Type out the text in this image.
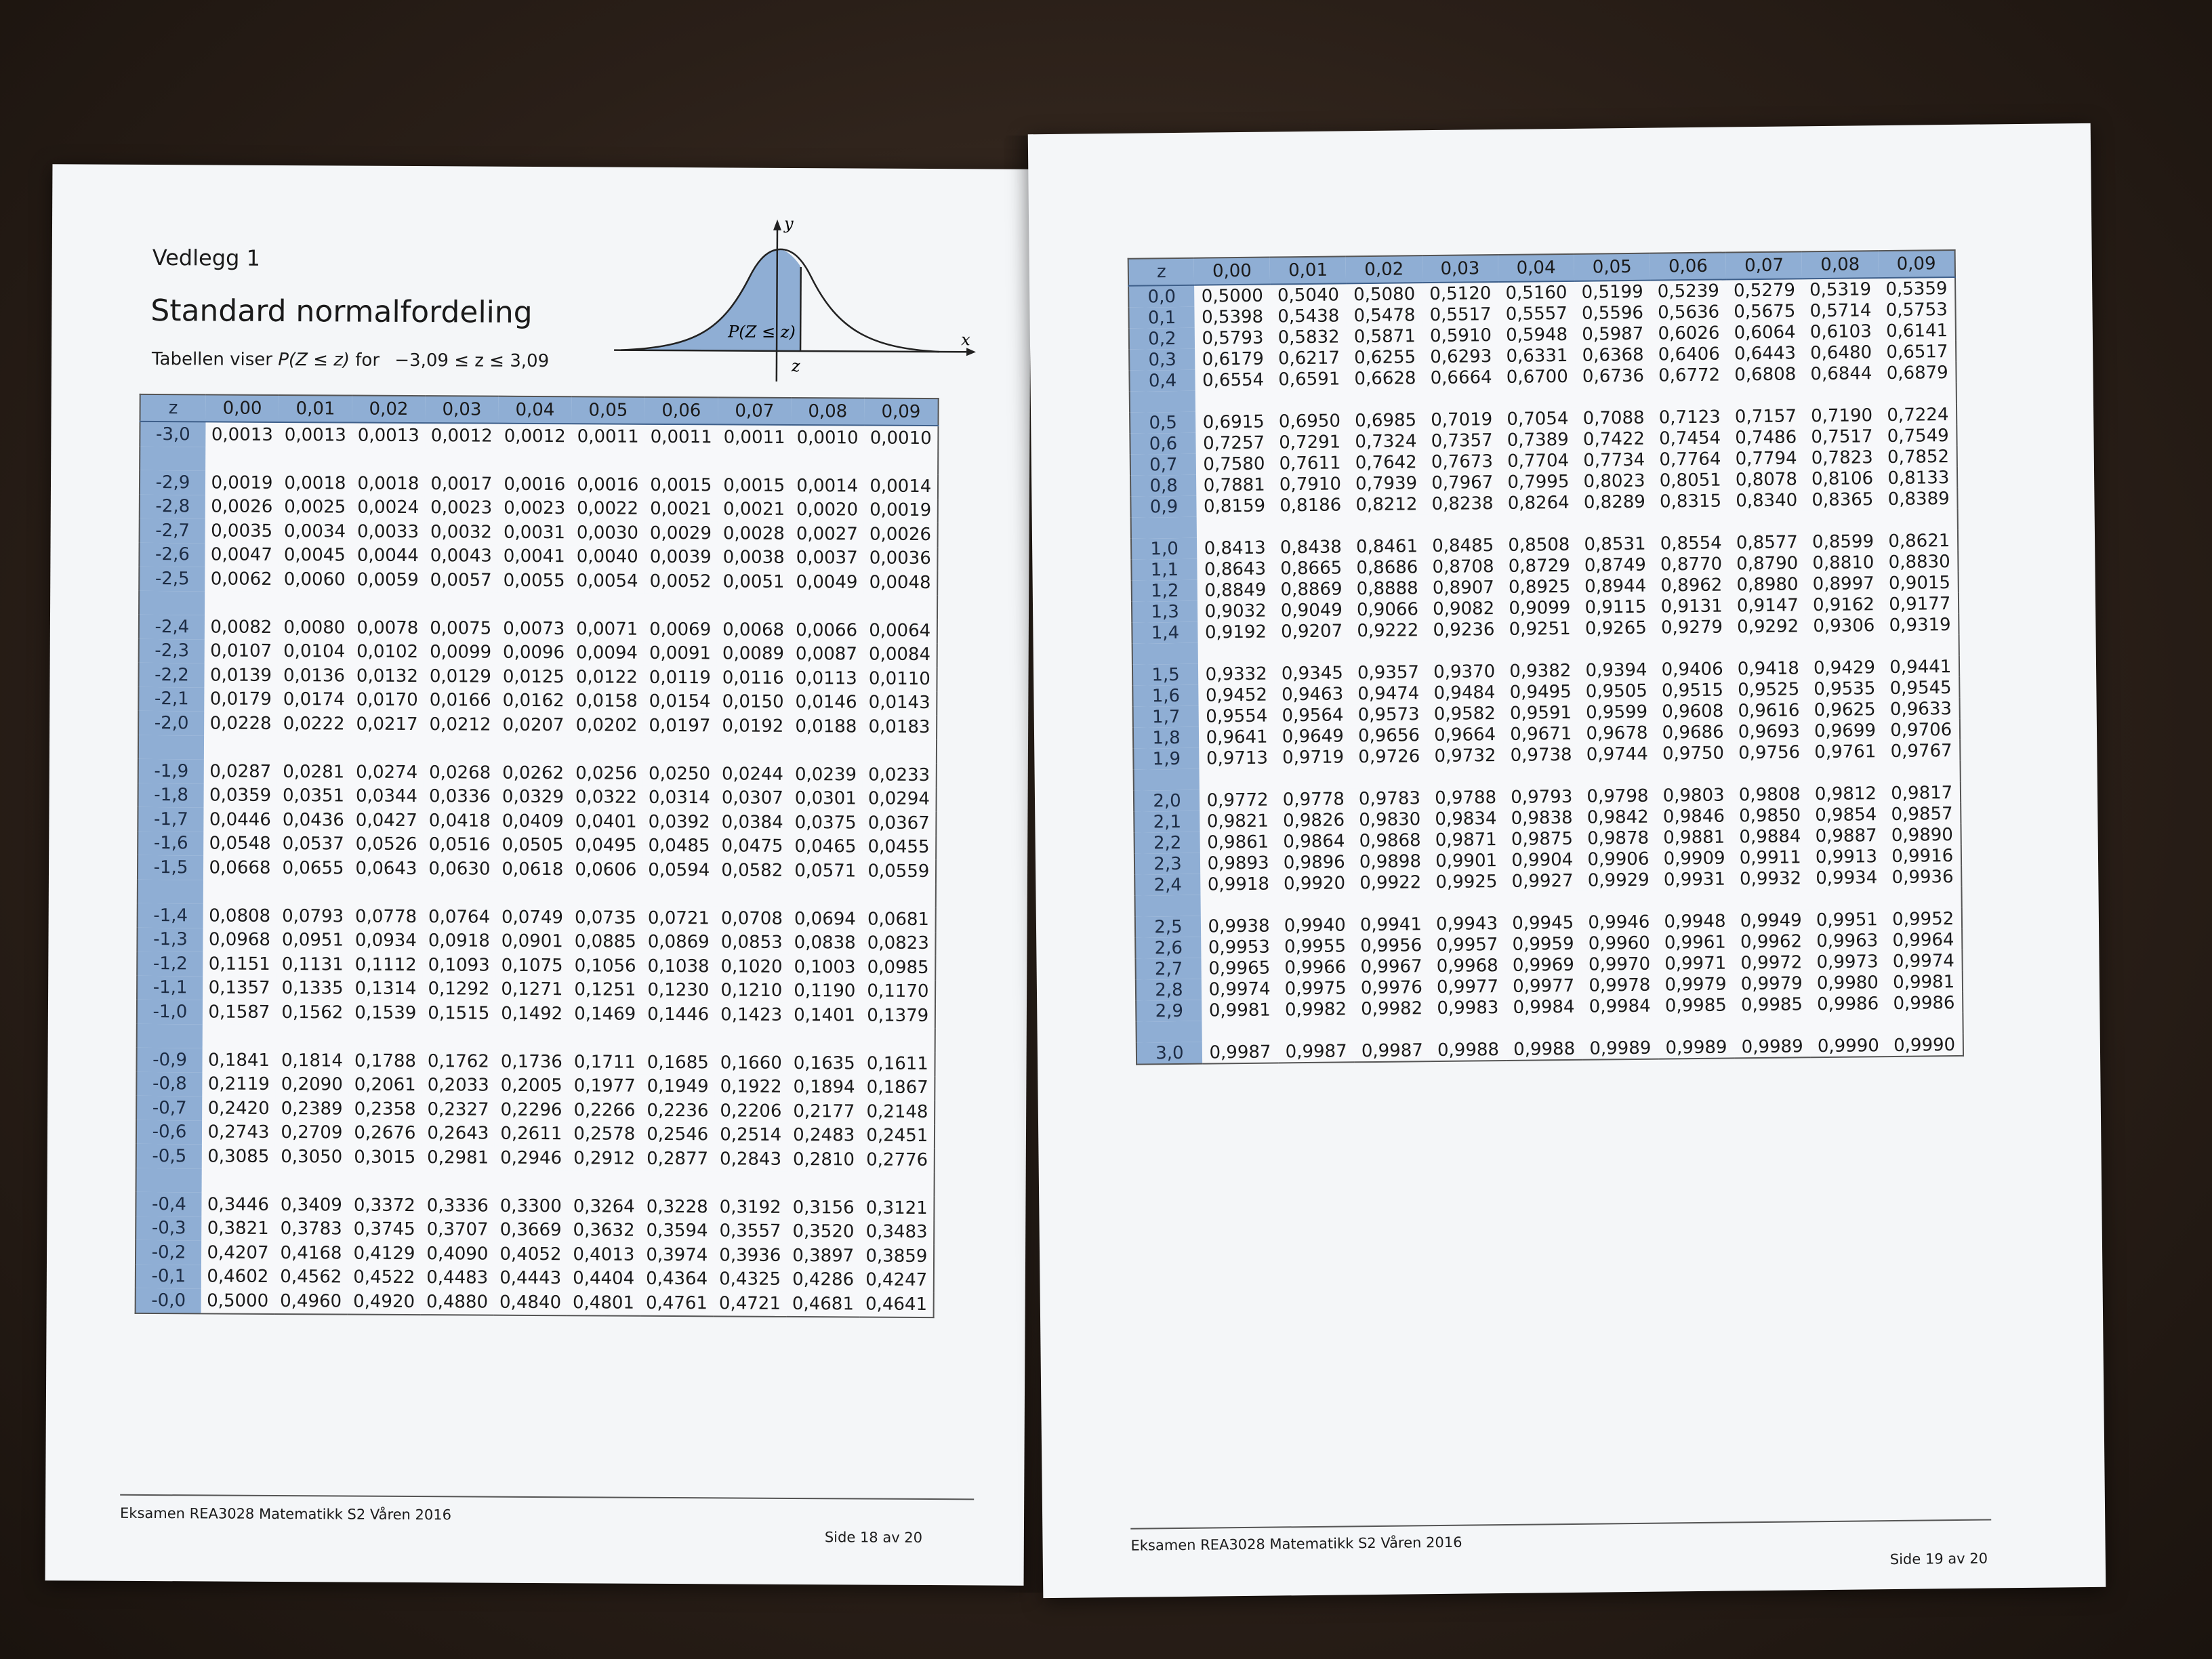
Vedlegg 1
Standard normalfordeling
Tabellen viser P(Z ≤ z) for −3,09 ≤ z ≤ 3,09
y
x
z
P(Z ≤ z)
z	0,00	0,01	0,02	0,03	0,04	0,05	0,06	0,07	0,08	0,09
-3,0	0,0013	0,0013	0,0013	0,0012	0,0012	0,0011	0,0011	0,0011	0,0010	0,0010

-2,9	0,0019	0,0018	0,0018	0,0017	0,0016	0,0016	0,0015	0,0015	0,0014	0,0014
-2,8	0,0026	0,0025	0,0024	0,0023	0,0023	0,0022	0,0021	0,0021	0,0020	0,0019
-2,7	0,0035	0,0034	0,0033	0,0032	0,0031	0,0030	0,0029	0,0028	0,0027	0,0026
-2,6	0,0047	0,0045	0,0044	0,0043	0,0041	0,0040	0,0039	0,0038	0,0037	0,0036
-2,5	0,0062	0,0060	0,0059	0,0057	0,0055	0,0054	0,0052	0,0051	0,0049	0,0048

-2,4	0,0082	0,0080	0,0078	0,0075	0,0073	0,0071	0,0069	0,0068	0,0066	0,0064
-2,3	0,0107	0,0104	0,0102	0,0099	0,0096	0,0094	0,0091	0,0089	0,0087	0,0084
-2,2	0,0139	0,0136	0,0132	0,0129	0,0125	0,0122	0,0119	0,0116	0,0113	0,0110
-2,1	0,0179	0,0174	0,0170	0,0166	0,0162	0,0158	0,0154	0,0150	0,0146	0,0143
-2,0	0,0228	0,0222	0,0217	0,0212	0,0207	0,0202	0,0197	0,0192	0,0188	0,0183

-1,9	0,0287	0,0281	0,0274	0,0268	0,0262	0,0256	0,0250	0,0244	0,0239	0,0233
-1,8	0,0359	0,0351	0,0344	0,0336	0,0329	0,0322	0,0314	0,0307	0,0301	0,0294
-1,7	0,0446	0,0436	0,0427	0,0418	0,0409	0,0401	0,0392	0,0384	0,0375	0,0367
-1,6	0,0548	0,0537	0,0526	0,0516	0,0505	0,0495	0,0485	0,0475	0,0465	0,0455
-1,5	0,0668	0,0655	0,0643	0,0630	0,0618	0,0606	0,0594	0,0582	0,0571	0,0559

-1,4	0,0808	0,0793	0,0778	0,0764	0,0749	0,0735	0,0721	0,0708	0,0694	0,0681
-1,3	0,0968	0,0951	0,0934	0,0918	0,0901	0,0885	0,0869	0,0853	0,0838	0,0823
-1,2	0,1151	0,1131	0,1112	0,1093	0,1075	0,1056	0,1038	0,1020	0,1003	0,0985
-1,1	0,1357	0,1335	0,1314	0,1292	0,1271	0,1251	0,1230	0,1210	0,1190	0,1170
-1,0	0,1587	0,1562	0,1539	0,1515	0,1492	0,1469	0,1446	0,1423	0,1401	0,1379

-0,9	0,1841	0,1814	0,1788	0,1762	0,1736	0,1711	0,1685	0,1660	0,1635	0,1611
-0,8	0,2119	0,2090	0,2061	0,2033	0,2005	0,1977	0,1949	0,1922	0,1894	0,1867
-0,7	0,2420	0,2389	0,2358	0,2327	0,2296	0,2266	0,2236	0,2206	0,2177	0,2148
-0,6	0,2743	0,2709	0,2676	0,2643	0,2611	0,2578	0,2546	0,2514	0,2483	0,2451
-0,5	0,3085	0,3050	0,3015	0,2981	0,2946	0,2912	0,2877	0,2843	0,2810	0,2776

-0,4	0,3446	0,3409	0,3372	0,3336	0,3300	0,3264	0,3228	0,3192	0,3156	0,3121
-0,3	0,3821	0,3783	0,3745	0,3707	0,3669	0,3632	0,3594	0,3557	0,3520	0,3483
-0,2	0,4207	0,4168	0,4129	0,4090	0,4052	0,4013	0,3974	0,3936	0,3897	0,3859
-0,1	0,4602	0,4562	0,4522	0,4483	0,4443	0,4404	0,4364	0,4325	0,4286	0,4247
-0,0	0,5000	0,4960	0,4920	0,4880	0,4840	0,4801	0,4761	0,4721	0,4681	0,4641
Eksamen REA3028 Matematikk S2 Våren 2016
Side 18 av 20
z	0,00	0,01	0,02	0,03	0,04	0,05	0,06	0,07	0,08	0,09
0,0	0,5000	0,5040	0,5080	0,5120	0,5160	0,5199	0,5239	0,5279	0,5319	0,5359
0,1	0,5398	0,5438	0,5478	0,5517	0,5557	0,5596	0,5636	0,5675	0,5714	0,5753
0,2	0,5793	0,5832	0,5871	0,5910	0,5948	0,5987	0,6026	0,6064	0,6103	0,6141
0,3	0,6179	0,6217	0,6255	0,6293	0,6331	0,6368	0,6406	0,6443	0,6480	0,6517
0,4	0,6554	0,6591	0,6628	0,6664	0,6700	0,6736	0,6772	0,6808	0,6844	0,6879

0,5	0,6915	0,6950	0,6985	0,7019	0,7054	0,7088	0,7123	0,7157	0,7190	0,7224
0,6	0,7257	0,7291	0,7324	0,7357	0,7389	0,7422	0,7454	0,7486	0,7517	0,7549
0,7	0,7580	0,7611	0,7642	0,7673	0,7704	0,7734	0,7764	0,7794	0,7823	0,7852
0,8	0,7881	0,7910	0,7939	0,7967	0,7995	0,8023	0,8051	0,8078	0,8106	0,8133
0,9	0,8159	0,8186	0,8212	0,8238	0,8264	0,8289	0,8315	0,8340	0,8365	0,8389

1,0	0,8413	0,8438	0,8461	0,8485	0,8508	0,8531	0,8554	0,8577	0,8599	0,8621
1,1	0,8643	0,8665	0,8686	0,8708	0,8729	0,8749	0,8770	0,8790	0,8810	0,8830
1,2	0,8849	0,8869	0,8888	0,8907	0,8925	0,8944	0,8962	0,8980	0,8997	0,9015
1,3	0,9032	0,9049	0,9066	0,9082	0,9099	0,9115	0,9131	0,9147	0,9162	0,9177
1,4	0,9192	0,9207	0,9222	0,9236	0,9251	0,9265	0,9279	0,9292	0,9306	0,9319

1,5	0,9332	0,9345	0,9357	0,9370	0,9382	0,9394	0,9406	0,9418	0,9429	0,9441
1,6	0,9452	0,9463	0,9474	0,9484	0,9495	0,9505	0,9515	0,9525	0,9535	0,9545
1,7	0,9554	0,9564	0,9573	0,9582	0,9591	0,9599	0,9608	0,9616	0,9625	0,9633
1,8	0,9641	0,9649	0,9656	0,9664	0,9671	0,9678	0,9686	0,9693	0,9699	0,9706
1,9	0,9713	0,9719	0,9726	0,9732	0,9738	0,9744	0,9750	0,9756	0,9761	0,9767

2,0	0,9772	0,9778	0,9783	0,9788	0,9793	0,9798	0,9803	0,9808	0,9812	0,9817
2,1	0,9821	0,9826	0,9830	0,9834	0,9838	0,9842	0,9846	0,9850	0,9854	0,9857
2,2	0,9861	0,9864	0,9868	0,9871	0,9875	0,9878	0,9881	0,9884	0,9887	0,9890
2,3	0,9893	0,9896	0,9898	0,9901	0,9904	0,9906	0,9909	0,9911	0,9913	0,9916
2,4	0,9918	0,9920	0,9922	0,9925	0,9927	0,9929	0,9931	0,9932	0,9934	0,9936

2,5	0,9938	0,9940	0,9941	0,9943	0,9945	0,9946	0,9948	0,9949	0,9951	0,9952
2,6	0,9953	0,9955	0,9956	0,9957	0,9959	0,9960	0,9961	0,9962	0,9963	0,9964
2,7	0,9965	0,9966	0,9967	0,9968	0,9969	0,9970	0,9971	0,9972	0,9973	0,9974
2,8	0,9974	0,9975	0,9976	0,9977	0,9977	0,9978	0,9979	0,9979	0,9980	0,9981
2,9	0,9981	0,9982	0,9982	0,9983	0,9984	0,9984	0,9985	0,9985	0,9986	0,9986

3,0	0,9987	0,9987	0,9987	0,9988	0,9988	0,9989	0,9989	0,9989	0,9990	0,9990
Eksamen REA3028 Matematikk S2 Våren 2016
Side 19 av 20
